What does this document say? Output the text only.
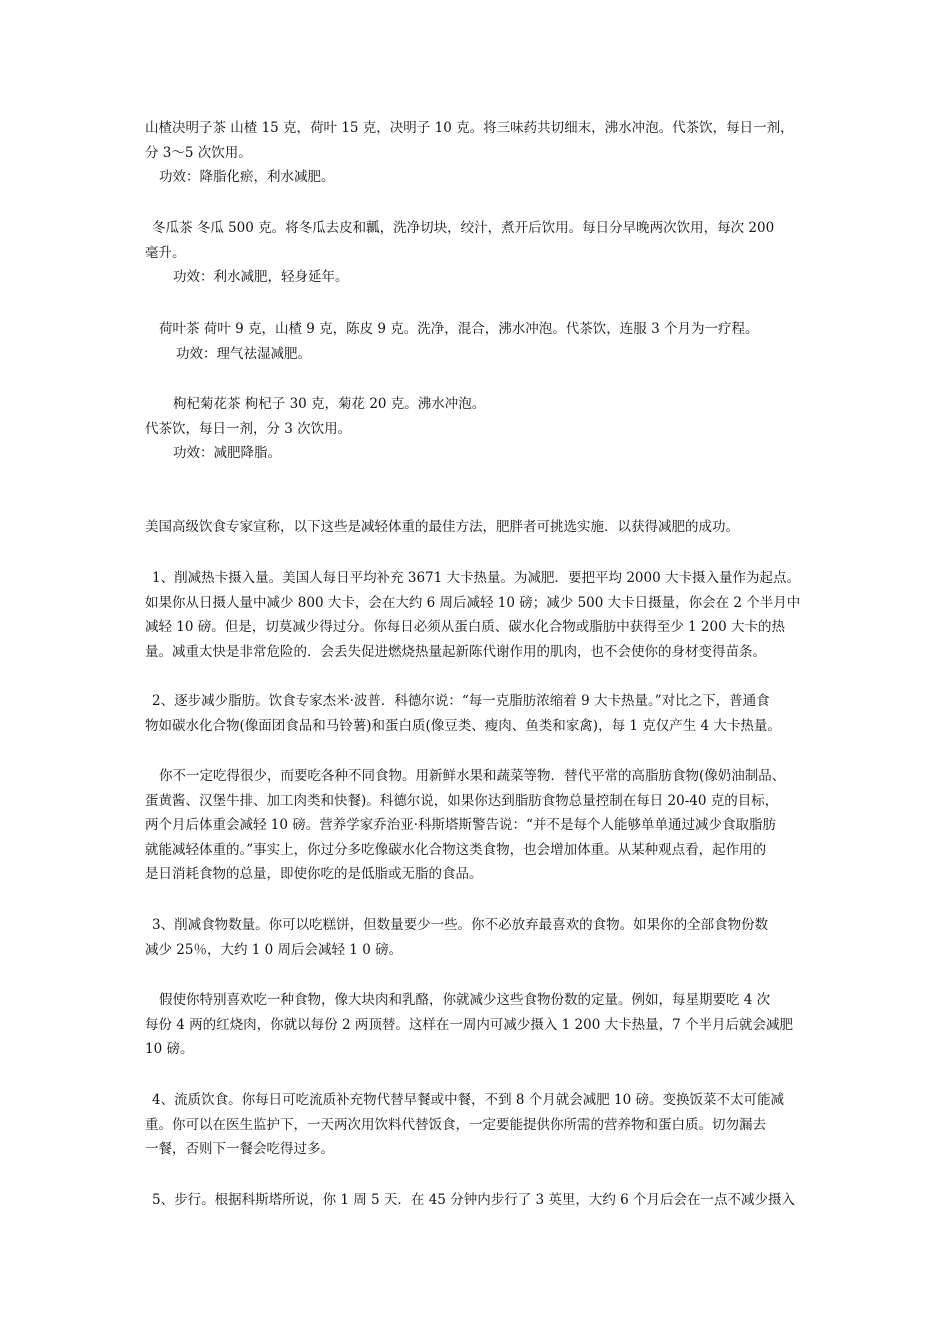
山楂决明子茶 山楂 15 克，荷叶 15 克，决明子 10 克。将三味药共切细末，沸水冲泡。代茶饮，每日一剂，
分 3～5 次饮用。
功效：降脂化瘀，利水减肥。

冬瓜茶 冬瓜 500 克。将冬瓜去皮和瓤，洗净切块，绞汁，煮开后饮用。每日分早晚两次饮用，每次 200
毫升。
功效：利水减肥，轻身延年。

荷叶茶 荷叶 9 克，山楂 9 克，陈皮 9 克。洗净，混合，沸水冲泡。代茶饮，连服 3 个月为一疗程。
功效：理气祛湿减肥。

枸杞菊花茶 枸杞子 30 克，菊花 20 克。沸水冲泡。
代茶饮，每日一剂，分 3 次饮用。
功效：减肥降脂。

美国高级饮食专家宣称，以下这些是减轻体重的最佳方法，肥胖者可挑选实施．以获得减肥的成功。

1、削减热卡摄入量。美国人每日平均补充 3671 大卡热量。为减肥．要把平均 2000 大卡摄入量作为起点。
如果你从日摄人量中减少 800 大卡，会在大约 6 周后减轻 10 磅；减少 500 大卡日摄量，你会在 2 个半月中
减轻 10 磅。但是，切莫减少得过分。你每日必须从蛋白质、碳水化合物或脂肪中获得至少 1 200 大卡的热
量。减重太快是非常危险的．会丢失促进燃烧热量起新陈代谢作用的肌肉，也不会使你的身材变得苗条。

2、逐步减少脂肪。饮食专家杰米·波普．科德尔说：“每一克脂肪浓缩着 9 大卡热量。”对比之下，普通食
物如碳水化合物(像面团食品和马铃薯)和蛋白质(像豆类、瘦肉、鱼类和家禽)，每 1 克仅产生 4 大卡热量。

你不一定吃得很少，而要吃各种不同食物。用新鲜水果和蔬菜等物．替代平常的高脂肪食物(像奶油制品、
蛋黄酱、汉堡牛排、加工肉类和快餐)。科德尔说，如果你达到脂肪食物总量控制在每日 20-40 克的目标，
两个月后体重会减轻 10 磅。营养学家乔治亚·科斯塔斯警告说：“并不是每个人能够单单通过减少食取脂肪
就能减轻体重的。”事实上，你过分多吃像碳水化合物这类食物，也会增加体重。从某种观点看，起作用的
是日消耗食物的总量，即使你吃的是低脂或无脂的食品。

3、削减食物数量。你可以吃糕饼，但数量要少一些。你不必放弃最喜欢的食物。如果你的全部食物份数
减少 25％，大约 1 0 周后会减轻 1 0 磅。

假使你特别喜欢吃一种食物，像大块肉和乳酪，你就减少这些食物份数的定量。例如，每星期要吃 4 次
每份 4 两的红烧肉，你就以每份 2 两顶替。这样在一周内可减少摄入 1 200 大卡热量，7 个半月后就会减肥
10 磅。

4、流质饮食。你每日可吃流质补充物代替早餐或中餐，不到 8 个月就会减肥 10 磅。变换饭菜不太可能减
重。你可以在医生监护下，一天两次用饮料代替饭食，一定要能提供你所需的营养物和蛋白质。切勿漏去
一餐，否则下一餐会吃得过多。

5、步行。根据科斯塔所说，你 1 周 5 天．在 45 分钟内步行了 3 英里，大约 6 个月后会在一点不减少摄入
